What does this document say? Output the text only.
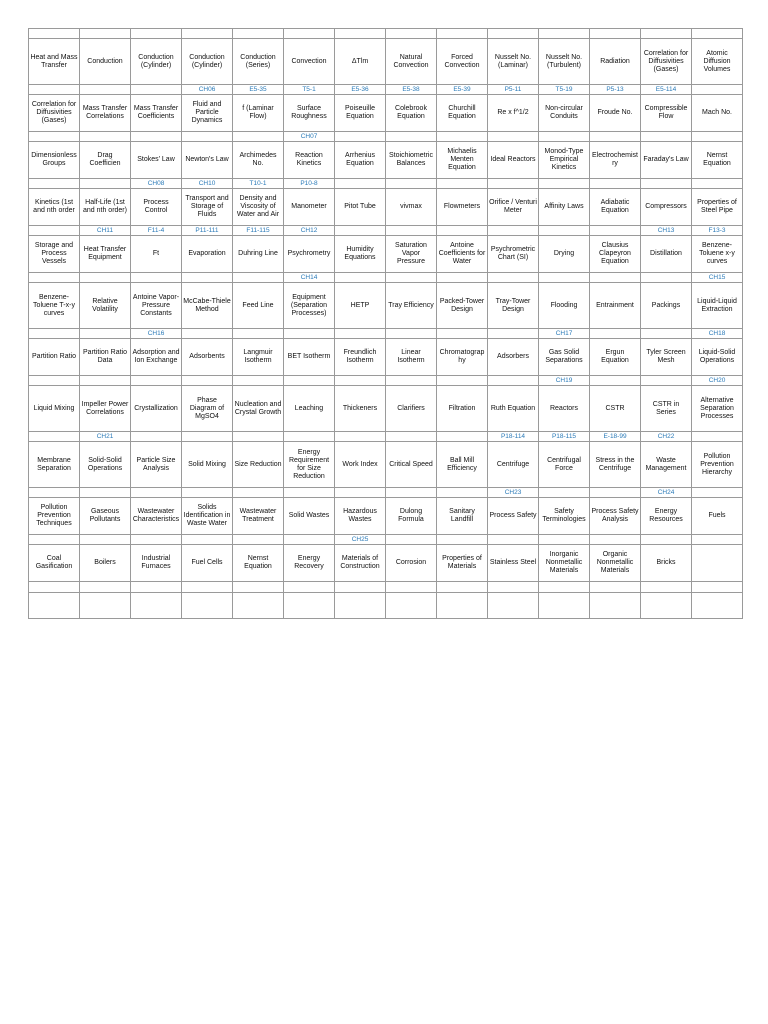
Heat and Mass Transfer	Conduction	Conduction (Cylinder)	Conduction (Cylinder)	Conduction (Series)	Convection	ΔTlm	Natural Convection	Forced Convection	Nusselt No. (Laminar)	Nusselt No. (Turbulent)	Radiation	Correlation for Diffusivities (Gases)	Atomic Diffusion Volumes
			CH06	E5-35	T5-1	E5-36	E5-38	E5-39	P5-11	T5-19	P5-13	E5-114	
Correlation for Diffusivities (Gases)	Mass Transfer Correlations	Mass Transfer Coefficients	Fluid and Particle Dynamics	f (Laminar Flow)	Surface Roughness	Poiseuille Equation	Colebrook Equation	Churchill Equation	Re x f^1/2	Non-circular Conduits	Froude No.	Compressible Flow	Mach No.
					CH07								
Dimensionless Groups	Drag Coefficien	Stokes' Law	Newton's Law	Archimedes No.	Reaction Kinetics	Arrhenius Equation	Stoichiometric Balances	Michaelis Menten Equation	Ideal Reactors	Monod-Type Empirical Kinetics	Electrochemistry	Faraday's Law	Nernst Equation
		CH08	CH10	T10-1	P10-8								
Kinetics (1st and nth order	Half-Life (1st and nth order)	Process Control	Transport and Storage of Fluids	Density and Viscosity of Water and Air	Manometer	Pitot Tube	vivmax	Flowmeters	Orifice / Venturi Meter	Affinity Laws	Adiabatic Equation	Compressors	Properties of Steel Pipe
	CH11	F11-4	P11-111	F11-115	CH12							CH13	F13-3
Storage and Process Vessels	Heat Transfer Equipment	Ft	Evaporation	Duhring Line	Psychrometry	Humidity Equations	Saturation Vapor Pressure	Antoine Coefficients for Water	Psychrometric Chart (SI)	Drying	Clausius Clapeyron Equation	Distillation	Benzene-Toluene x-y curves
					CH14								CH15
Benzene-Toluene T-x-y curves	Relative Volatility	Antoine Vapor-Pressure Constants	McCabe-Thiele Method	Feed Line	Equipment (Separation Processes)	HETP	Tray Efficiency	Packed-Tower Design	Tray-Tower Design	Flooding	Entrainment	Packings	Liquid-Liquid Extraction
		CH16								CH17			CH18
Partition Ratio	Partition Ratio Data	Adsorption and Ion Exchange	Adsorbents	Langmuir Isotherm	BET Isotherm	Freundlich Isotherm	Linear Isotherm	Chromatography	Adsorbers	Gas Solid Separations	Ergun Equation	Tyler Screen Mesh	Liquid-Solid Operations
										CH19			CH20
Liquid Mixing	Impeller Power Correlations	Crystallization	Phase Diagram of MgSO4	Nucleation and Crystal Growth	Leaching	Thickeners	Clarifiers	Filtration	Ruth Equation	Reactors	CSTR	CSTR in Series	Alternative Separation Processes
	CH21								P18-114	P18-115	E-18-99	CH22	
Membrane Separation	Solid-Solid Operations	Particle Size Analysis	Solid Mixing	Size Reduction	Energy Requirement for Size Reduction	Work Index	Critical Speed	Ball Mill Efficiency	Centrifuge	Centrifugal Force	Stress in the Centrifuge	Waste Management	Pollution Prevention Hierarchy
									CH23			CH24	
Pollution Prevention Techniques	Gaseous Pollutants	Wastewater Characteristics	Solids Identification in Waste Water	Wastewater Treatment	Solid Wastes	Hazardous Wastes	Dulong Formula	Sanitary Landfill	Process Safety	Safety Terminologies	Process Safety Analysis	Energy Resources	Fuels
						CH25							
Coal Gasification	Boilers	Industrial Furnaces	Fuel Cells	Nernst Equation	Energy Recovery	Materials of Construction	Corrosion	Properties of Materials	Stainless Steel	Inorganic Nonmetallic Materials	Organic Nonmetallic Materials	Bricks	
